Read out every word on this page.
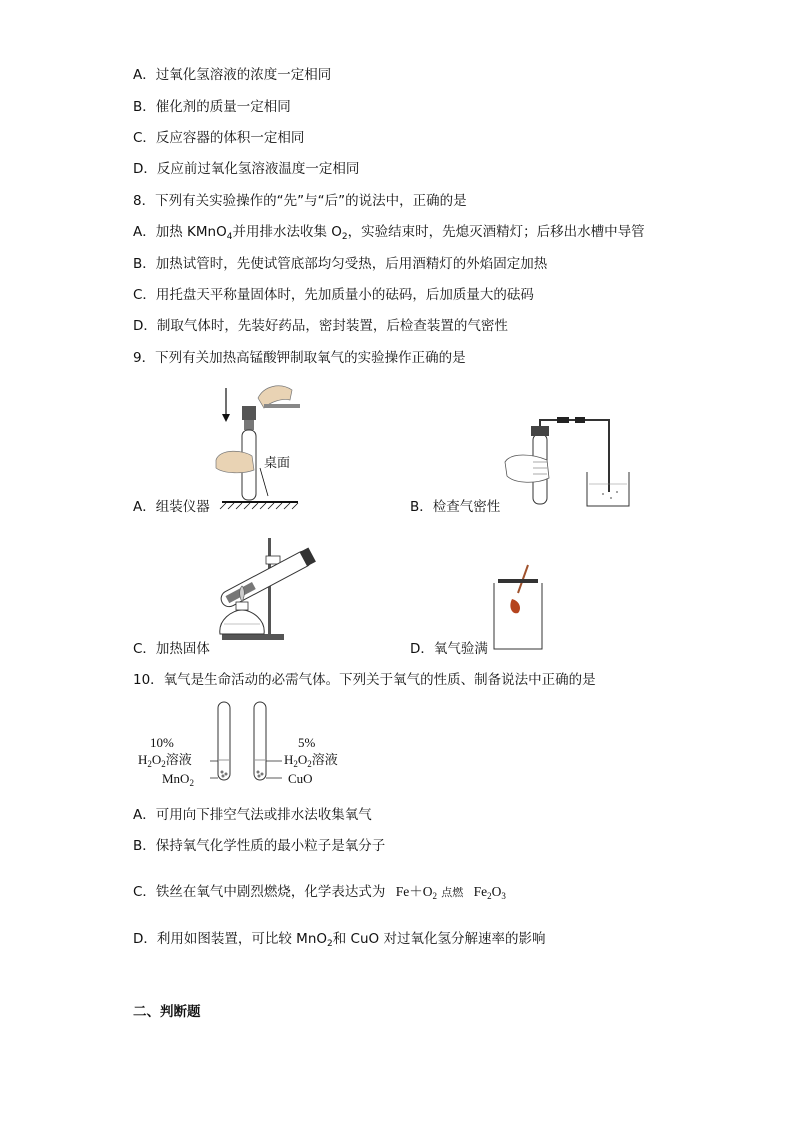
A．过氧化氢溶液的浓度一定相同
B．催化剂的质量一定相同
C．反应容器的体积一定相同
D．反应前过氧化氢溶液温度一定相同
8．下列有关实验操作的“先”与“后”的说法中，正确的是
A．加热 KMnO$_4$并用排水法收集 $O_2$，实验结束时，先熄灭酒精灯；后移出水槽中导管
B．加热试管时，先使试管底部均匀受热，后用酒精灯的外焰固定加热
C．用托盘天平称量固体时，先加质量小的砝码，后加质量大的砝码
D．制取气体时，先装好药品，密封装置，后检查装置的气密性
9．下列有关加热高锰酸钾制取氧气的实验操作正确的是
桌面
A．组装仪器	B．检查气密性
C．加热固体	D．氧气验满
10．氧气是生命活动的必需气体。下列关于氧气的性质、制备说法中正确的是
10%
$H_2O_2$溶液
MnO$_2$
5%
$H_2O_2$溶液
CuO
A．可用向下排空气法或排水法收集氧气
B．保持氧气化学性质的最小粒子是氧分子
C．铁丝在氧气中剧烈燃烧，化学表达式为 $Fe+O_2$ 点燃 $Fe_2O_3$
D．利用如图装置，可比较 MnO$_2$和 CuO 对过氧化氢分解速率的影响
二、判断题
